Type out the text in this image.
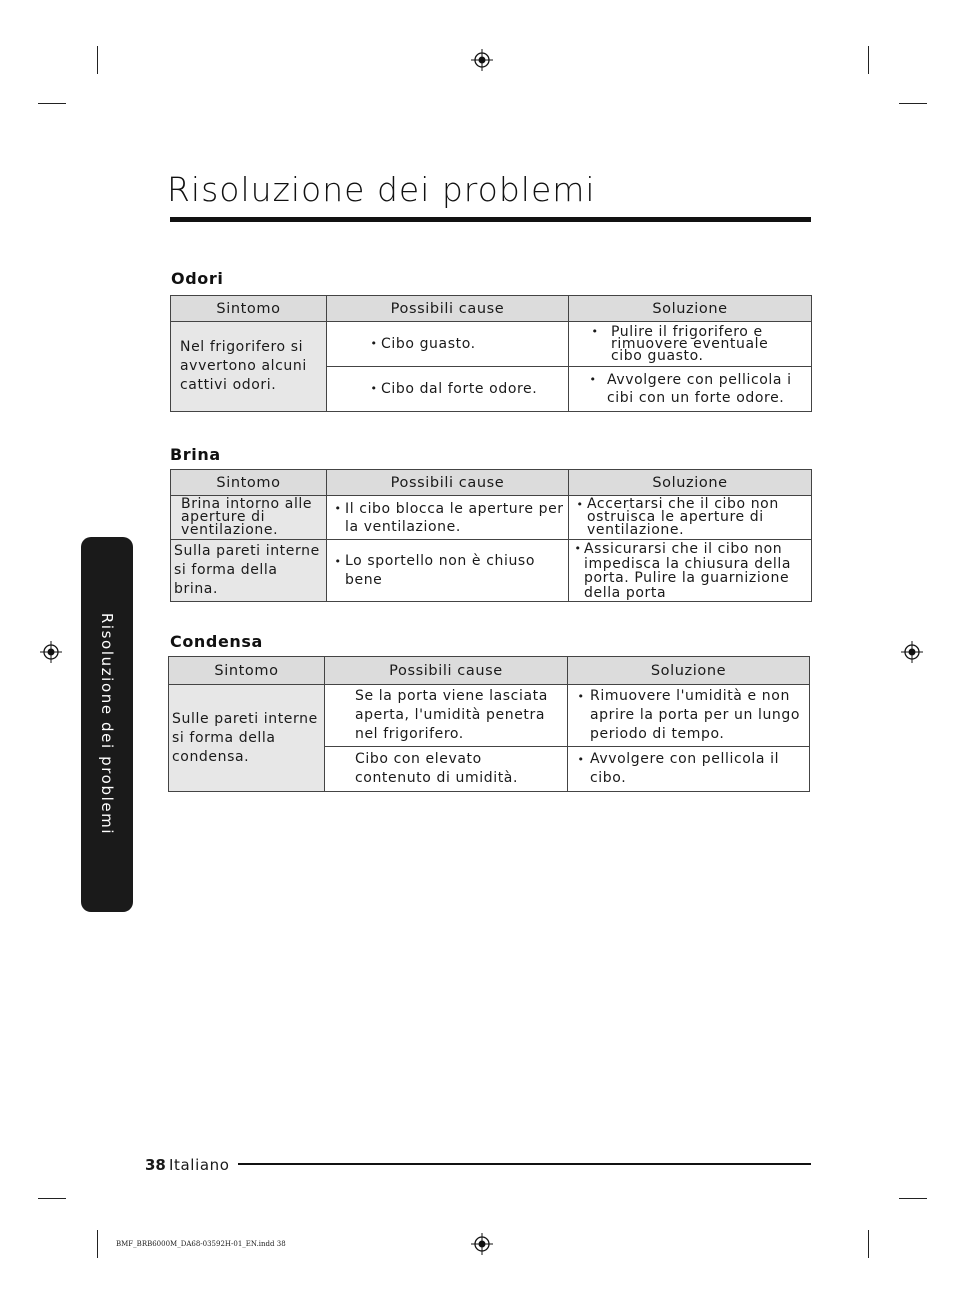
Risoluzione dei problemi
Risoluzione dei problemi
Odori
Sintomo	Possibili cause	Soluzione
Nel frigorifero si avvertono alcuni cattivi odori.	• Cibo guasto.	• Pulire il frigorifero e rimuovere eventuale cibo guasto.

	• Cibo dal forte odore.	• Avvolgere con pellicola i cibi con un forte odore.
Brina
Sintomo	Possibili cause	Soluzione
Brina intorno alle aperture di ventilazione.	• Il cibo blocca le aperture per la ventilazione.	• Accertarsi che il cibo non ostruisca le aperture di ventilazione.

Sulla pareti interne si forma della brina.	• Lo sportello non è chiuso bene	• Assicurarsi che il cibo non impedisca la chiusura della porta. Pulire la guarnizione della porta
Condensa
Sintomo	Possibili cause	Soluzione
Sulle pareti interne si forma della condensa.	Se la porta viene lasciata aperta, l'umidità penetra nel frigorifero.	• Rimuovere l'umidità e non aprire la porta per un lungo periodo di tempo.

	Cibo con elevato contenuto di umidità.	• Avvolgere con pellicola il cibo.
38 Italiano
BMF_BRB6000M_DA68-03592H-01_EN.indd 38
